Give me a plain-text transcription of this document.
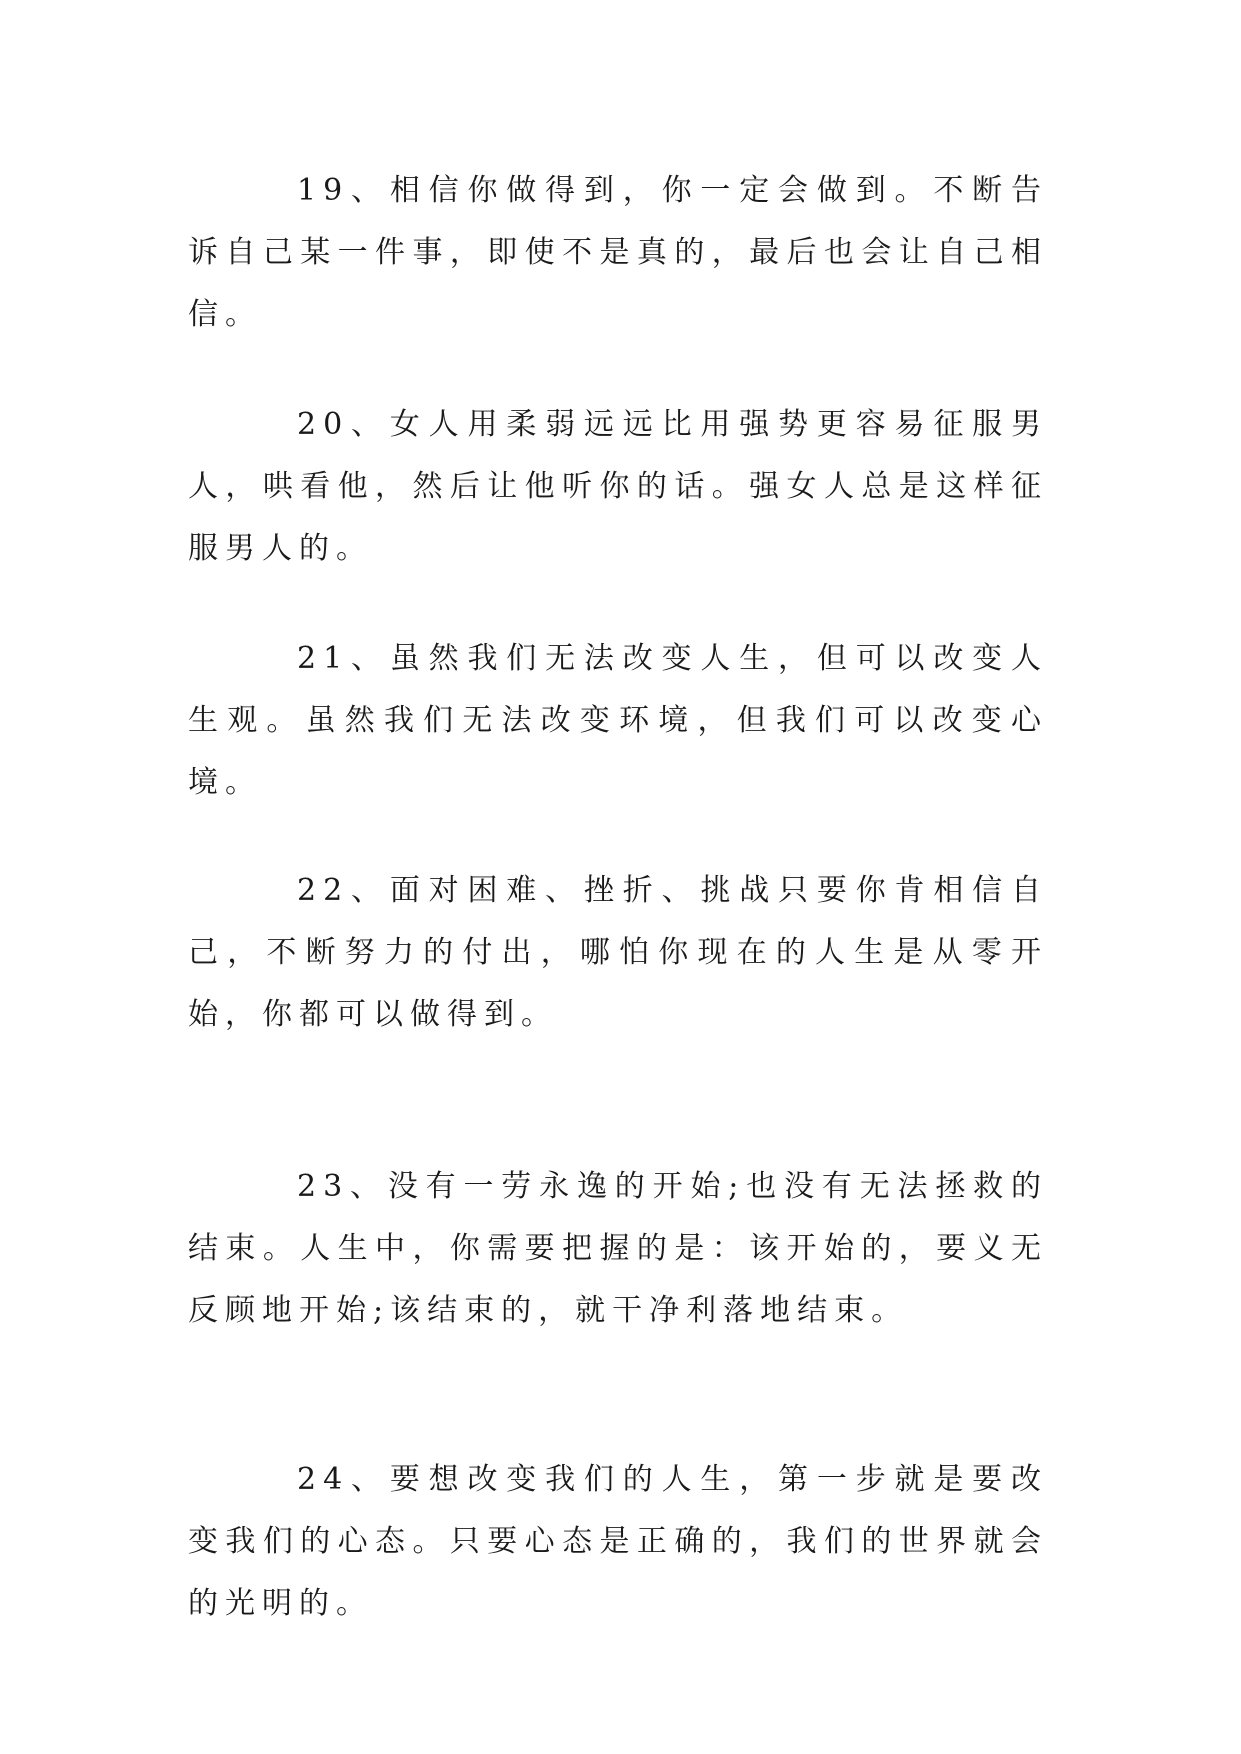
19、相信你做得到，你一定会做到。不断告诉自己某一件事，即使不是真的，最后也会让自己相信。

20、女人用柔弱远远比用强势更容易征服男人，哄看他，然后让他听你的话。强女人总是这样征服男人的。

21、虽然我们无法改变人生，但可以改变人生观。虽然我们无法改变环境，但我们可以改变心境。

22、面对困难、挫折、挑战只要你肯相信自己，不断努力的付出，哪怕你现在的人生是从零开始，你都可以做得到。

23、没有一劳永逸的开始;也没有无法拯救的结束。人生中，你需要把握的是：该开始的，要义无反顾地开始;该结束的，就干净利落地结束。

24、要想改变我们的人生，第一步就是要改变我们的心态。只要心态是正确的，我们的世界就会的光明的。
